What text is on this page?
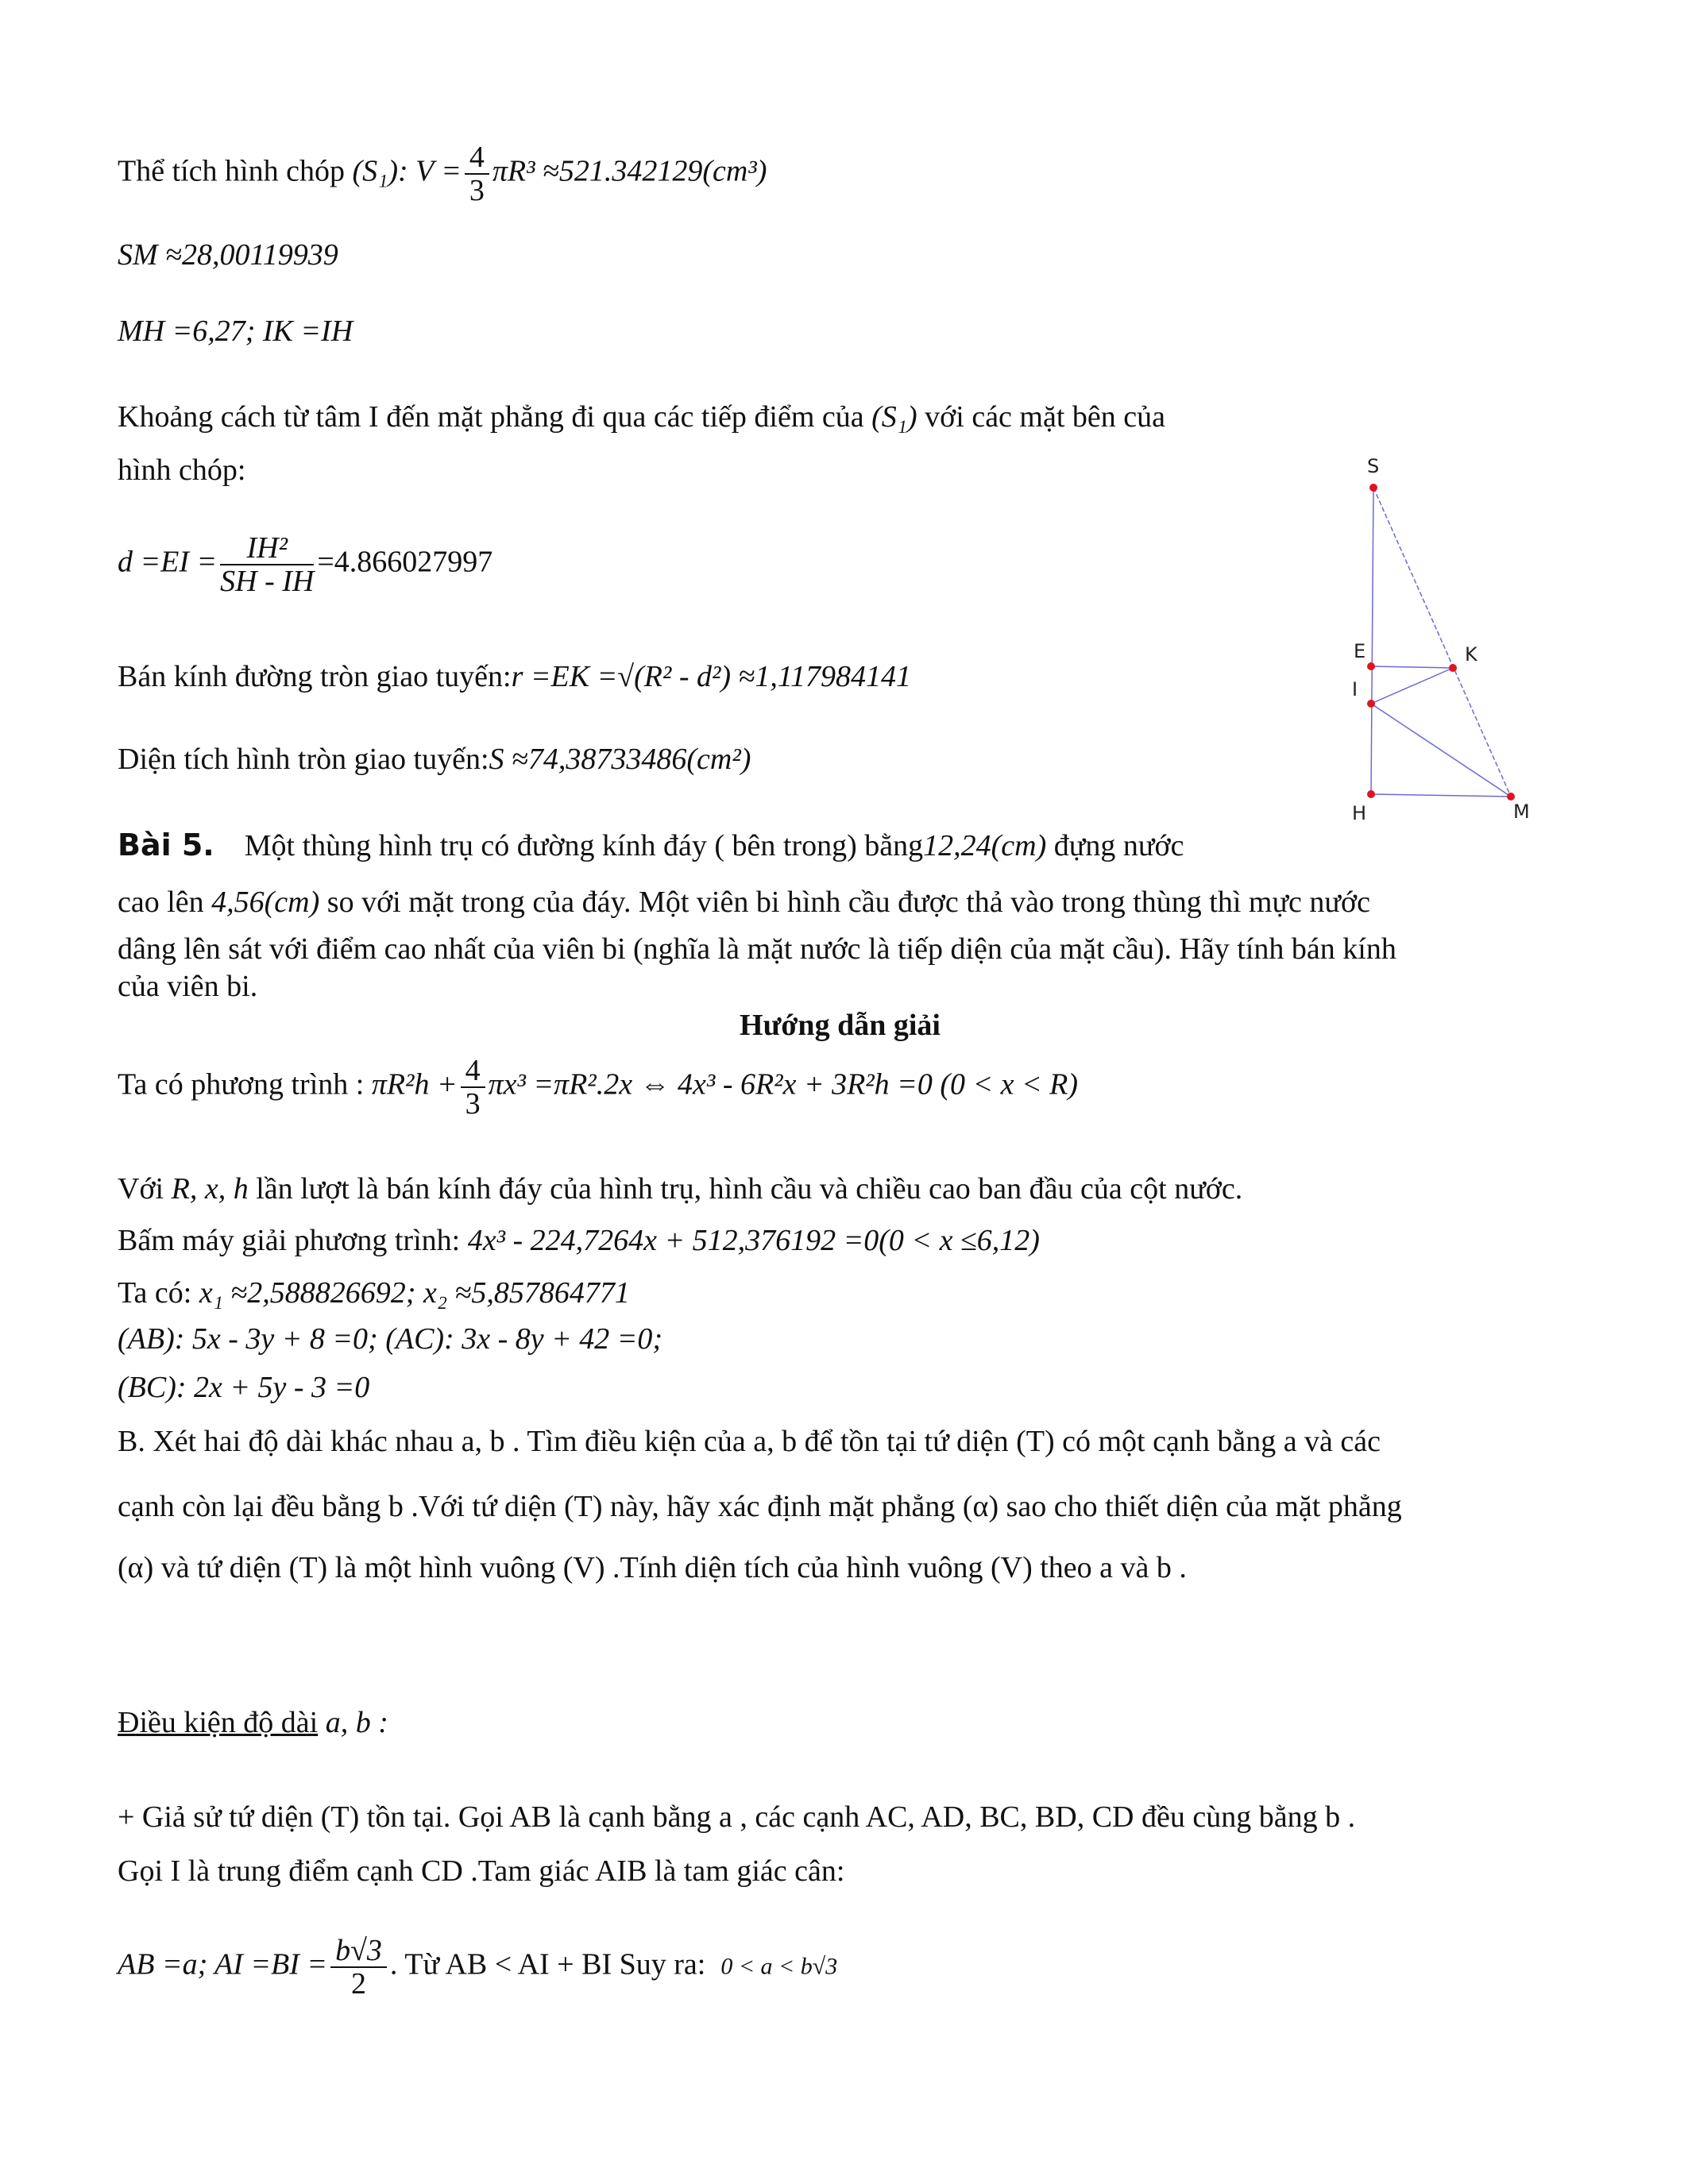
Thể tích hình chóp (S₁): $V = \frac{4}{3} \pi R^3 \approx 521.342129(cm^3)$
SM ≈28,00119939
MH =6,27; IK =IH
Khoảng cách từ tâm I đến mặt phẳng đi qua các tiếp điểm của (S₁) với các mặt bên của
hình chóp:
$d =EI = \frac{\text{IH²}}{SH - IH} =4.866027997$
Bán kính đường tròn giao tuyến:r =EK =√(R² - d²) ≈1,117984141
Diện tích hình tròn giao tuyến:S ≈74,38733486(cm²)
S
E	K
I
H	M
Bài 5. Một thùng hình trụ có đường kính đáy ( bên trong) bằng12,24(cm) đựng nước
cao lên 4,56(cm) so với mặt trong của đáy. Một viên bi hình cầu được thả vào trong thùng thì mực nước
dâng lên sát với điểm cao nhất của viên bi (nghĩa là mặt nước là tiếp diện của mặt cầu). Hãy tính bán kính
của viên bi.
Hướng dẫn giải
Ta có phương trình : $\pi R^2h + \frac{4}{3} \pi x^3 =\pi R^2.2x$ ⇔ 4x³ - 6R²x + 3R²h =0 (0 < x < R)
Với R, x, h lần lượt là bán kính đáy của hình trụ, hình cầu và chiều cao ban đầu của cột nước.
Bấm máy giải phương trình: 4x³ - 224,7264x + 512,376192 =0(0 < x ≤6,12)
Ta có: x₁ ≈2,588826692; x₂ ≈5,857864771
(AB): 5x - 3y + 8 =0; (AC): 3x - 8y + 42 =0;
(BC): 2x + 5y - 3 =0
B. Xét hai độ dài khác nhau a, b . Tìm điều kiện của a, b để tồn tại tứ diện (T) có một cạnh bằng a và các
cạnh còn lại đều bằng b .Với tứ diện (T) này, hãy xác định mặt phẳng (α) sao cho thiết diện của mặt phẳng
(α) và tứ diện (T) là một hình vuông (V) .Tính diện tích của hình vuông (V) theo a và b .
Điều kiện độ dài a, b :
+ Giả sử tứ diện (T) tồn tại. Gọi AB là cạnh bằng a , các cạnh AC, AD, BC, BD, CD đều cùng bằng b .
Gọi I là trung điểm cạnh CD .Tam giác AIB là tam giác cân:
AB =a; AI $=BI = \frac{b√3}{2}$ . Từ AB < AI + BI Suy ra: 0 < a < b√3
